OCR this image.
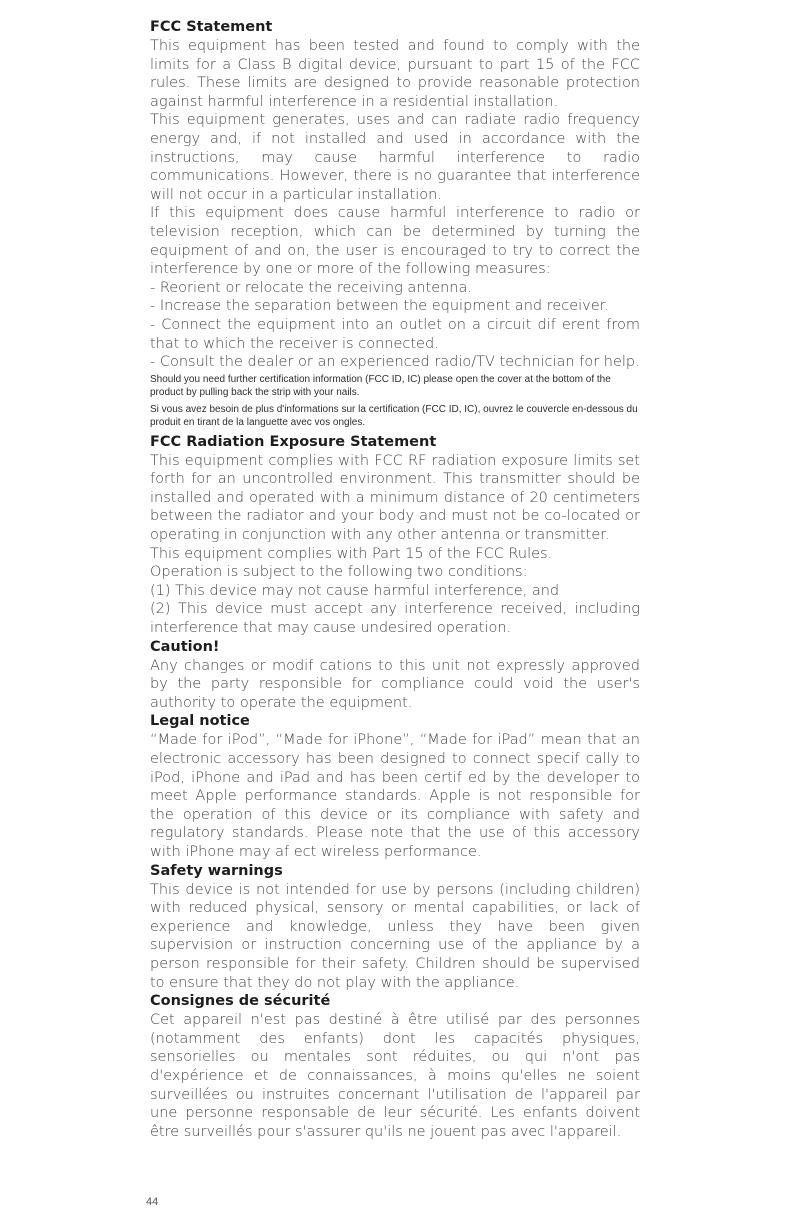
FCC Statement

This equipment has been tested and found to comply with the limits for a Class B digital device, pursuant to part 15 of the FCC rules. These limits are designed to provide reasonable protection against harmful interference in a residential installation.

This equipment generates, uses and can radiate radio frequency energy and, if not installed and used in accordance with the instructions, may cause harmful interference to radio communications. However, there is no guarantee that interference will not occur in a particular installation.

If this equipment does cause harmful interference to radio or television reception, which can be determined by turning the equipment of and on, the user is encouraged to try to correct the interference by one or more of the following measures:

- Reorient or relocate the receiving antenna.

- Increase the separation between the equipment and receiver.

- Connect the equipment into an outlet on a circuit dif erent from that to which the receiver is connected.

- Consult the dealer or an experienced radio/TV technician for help.

Should you need further certification information (FCC ID, IC) please open the cover at the bottom of the product by pulling back the strip with your nails.

Si vous avez besoin de plus d'informations sur la certification (FCC ID, IC), ouvrez le couvercle en-dessous du produit en tirant de la languette avec vos ongles.

FCC Radiation Exposure Statement

This equipment complies with FCC RF radiation exposure limits set forth for an uncontrolled environment. This transmitter should be installed and operated with a minimum distance of 20 centimeters between the radiator and your body and must not be co-located or operating in conjunction with any other antenna or transmitter.

This equipment complies with Part 15 of the FCC Rules.

Operation is subject to the following two conditions:

(1) This device may not cause harmful interference, and

(2) This device must accept any interference received, including interference that may cause undesired operation.

Caution!

Any changes or modif cations to this unit not expressly approved by the party responsible for compliance could void the user's authority to operate the equipment.

Legal notice

“Made for iPod”, “Made for iPhone”, “Made for iPad” mean that an electronic accessory has been designed to connect specif cally to iPod, iPhone and iPad and has been certif ed by the developer to meet Apple performance standards. Apple is not responsible for the operation of this device or its compliance with safety and regulatory standards. Please note that the use of this accessory with iPhone may af ect wireless performance.

Safety warnings

This device is not intended for use by persons (including children) with reduced physical, sensory or mental capabilities, or lack of experience and knowledge, unless they have been given supervision or instruction concerning use of the appliance by a person responsible for their safety. Children should be supervised to ensure that they do not play with the appliance.

Consignes de sécurité

Cet appareil n'est pas destiné à être utilisé par des personnes (notamment des enfants) dont les capacités physiques, sensorielles ou mentales sont réduites, ou qui n'ont pas d'expérience et de connaissances, à moins qu'elles ne soient surveillées ou instruites concernant l'utilisation de l'appareil par une personne responsable de leur sécurité. Les enfants doivent être surveillés pour s'assurer qu'ils ne jouent pas avec l'appareil.

44
